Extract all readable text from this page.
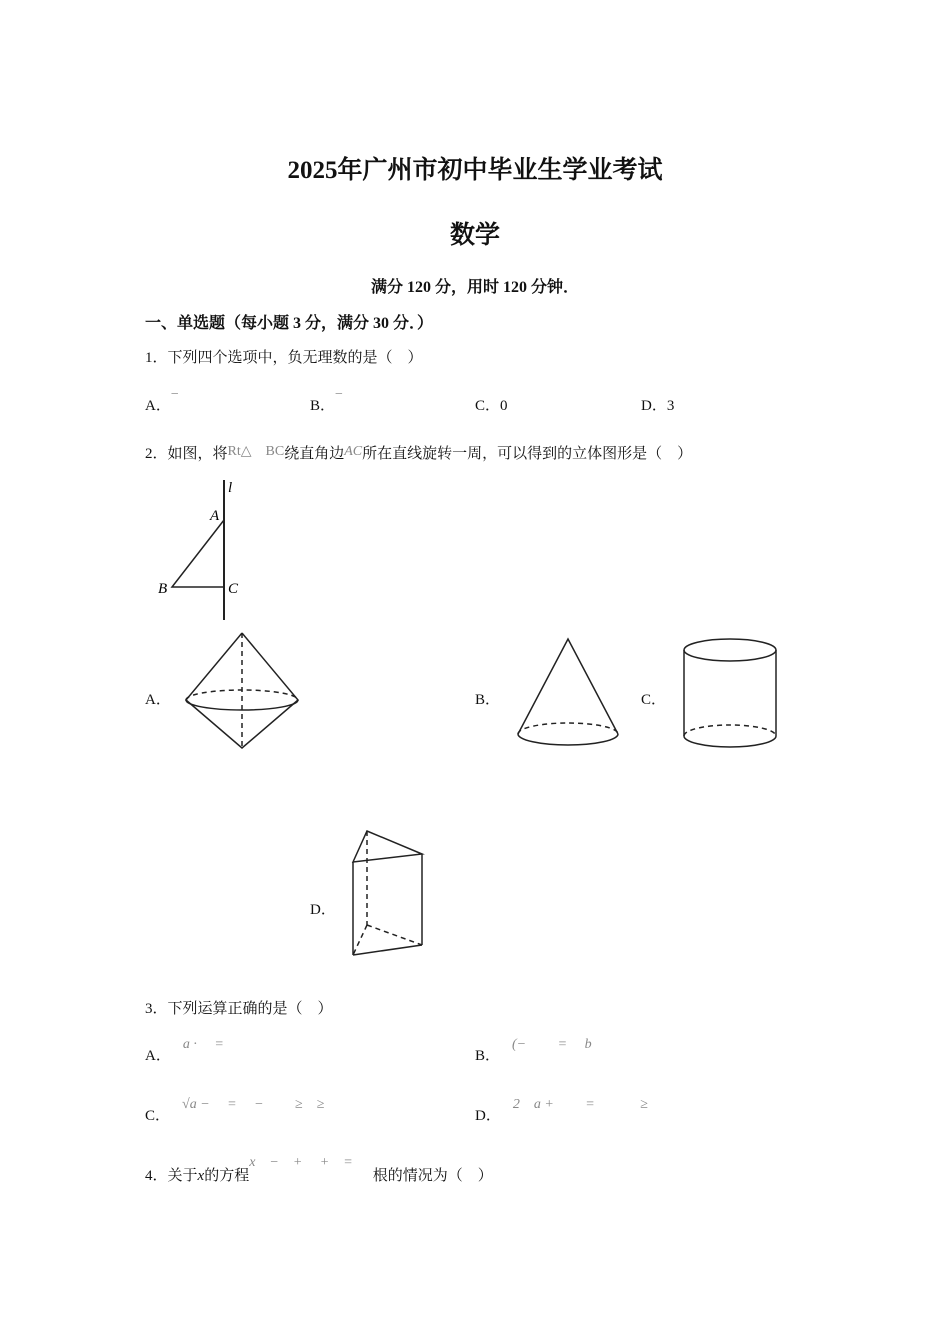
2025年广州市初中毕业生学业考试
数学
满分 120 分，用时 120 分钟．
一、单选题（每小题 3 分，满分 30 分．）
1．下列四个选项中，负无理数的是（　）
A．−
B．−
C．0	D．3
2．如图，将Rt△　BC绕直角边AC所在直线旋转一周，可以得到的立体图形是（　）
l
A
B	C
A．	B．	C．
D．
3．下列运算正确的是（　）
A．a ·　 =
B．(−　　 =　 b
C．√a −　 =　 −　　 ≥　≥
D．2　a +　　 =　　　 ≥
4．关于x的方程x　−　+　 +　=根的情况为（　）
